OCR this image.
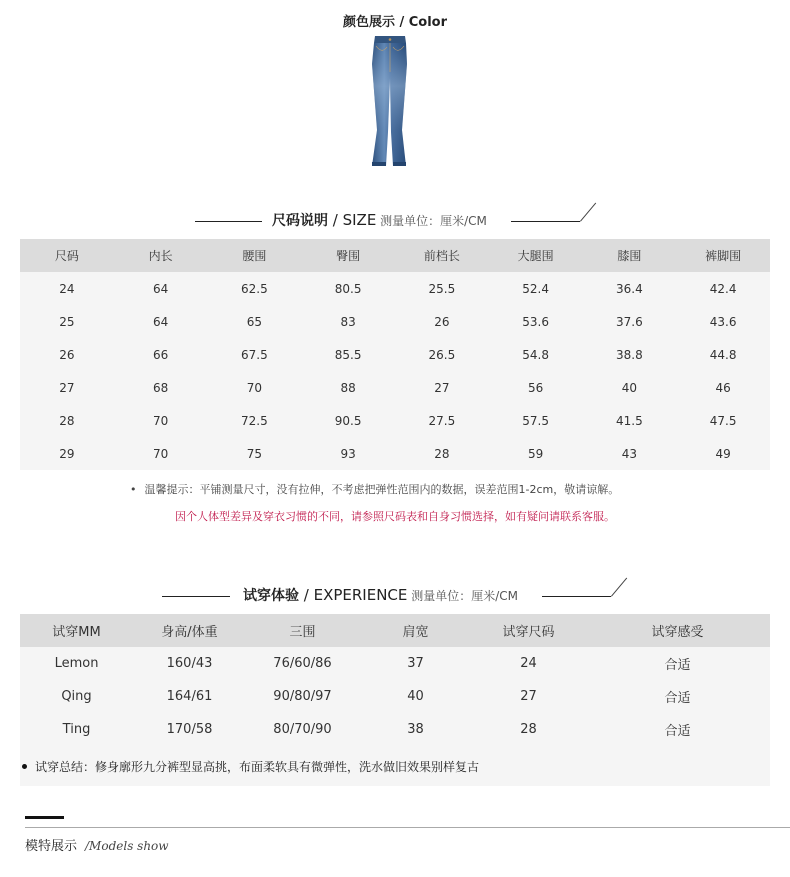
颜色展示 / Color
尺码说明 / SIZE 测量单位：厘米/CM
尺码	内长	腰围	臀围	前档长	大腿围	膝围	裤脚围
24	64	62.5	80.5	25.5	52.4	36.4	42.4
25	64	65	83	26	53.6	37.6	43.6
26	66	67.5	85.5	26.5	54.8	38.8	44.8
27	68	70	88	27	56	40	46
28	70	72.5	90.5	27.5	57.5	41.5	47.5
29	70	75	93	28	59	43	49
• 温馨提示：平铺测量尺寸，没有拉伸，不考虑把弹性范围内的数据，误差范围1-2cm，敬请谅解。
因个人体型差异及穿衣习惯的不同，请参照尺码表和自身习惯选择，如有疑问请联系客服。
试穿体验 / EXPERIENCE 测量单位：厘米/CM
试穿MM	身高/体重	三围	肩宽	试穿尺码	试穿感受
Lemon	160/43	76/60/86	37	24	合适
Qing	164/61	90/80/97	40	27	合适
Ting	170/58	80/70/90	38	28	合适
试穿总结：修身廓形九分裤型显高挑，布面柔软具有微弹性，洗水做旧效果别样复古
模特展示 /Models show
